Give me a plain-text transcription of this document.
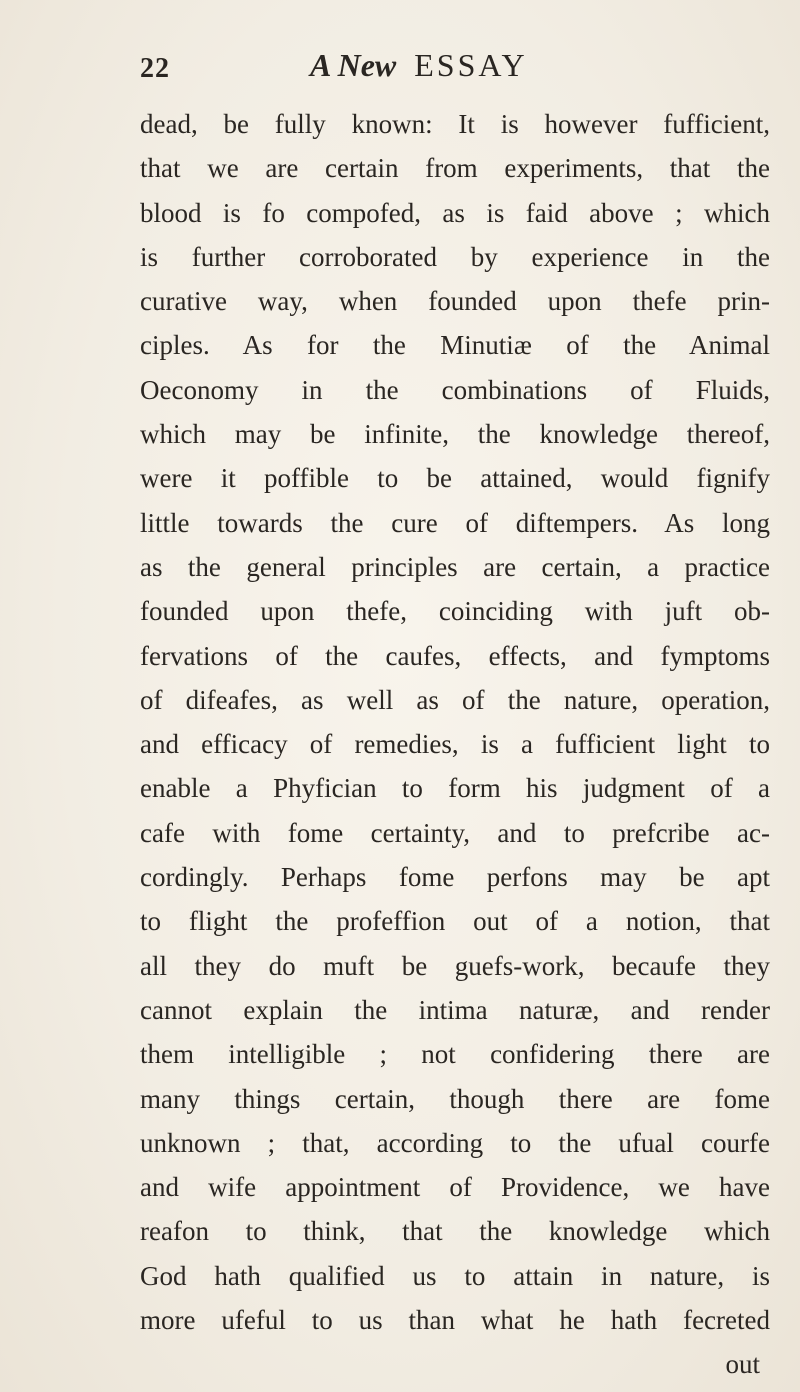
22	A New ESSAY
dead, be fully known: It is however fufficient,
that we are certain from experiments, that the
blood is fo compofed, as is faid above ; which
is further corroborated by experience in the
curative way, when founded upon thefe prin-
ciples. As for the Minutiæ of the Animal
Oeconomy in the combinations of Fluids,
which may be infinite, the knowledge thereof,
were it poffible to be attained, would fignify
little towards the cure of diftempers. As long
as the general principles are certain, a practice
founded upon thefe, coinciding with juft ob-
fervations of the caufes, effects, and fymptoms
of difeafes, as well as of the nature, operation,
and efficacy of remedies, is a fufficient light to
enable a Phyfician to form his judgment of a
cafe with fome certainty, and to prefcribe ac-
cordingly. Perhaps fome perfons may be apt
to flight the profeffion out of a notion, that
all they do muft be guefs-work, becaufe they
cannot explain the intima naturæ, and render
them intelligible ; not confidering there are
many things certain, though there are fome
unknown ; that, according to the ufual courfe
and wife appointment of Providence, we have
reafon to think, that the knowledge which
God hath qualified us to attain in nature, is
more ufeful to us than what he hath fecreted
out
